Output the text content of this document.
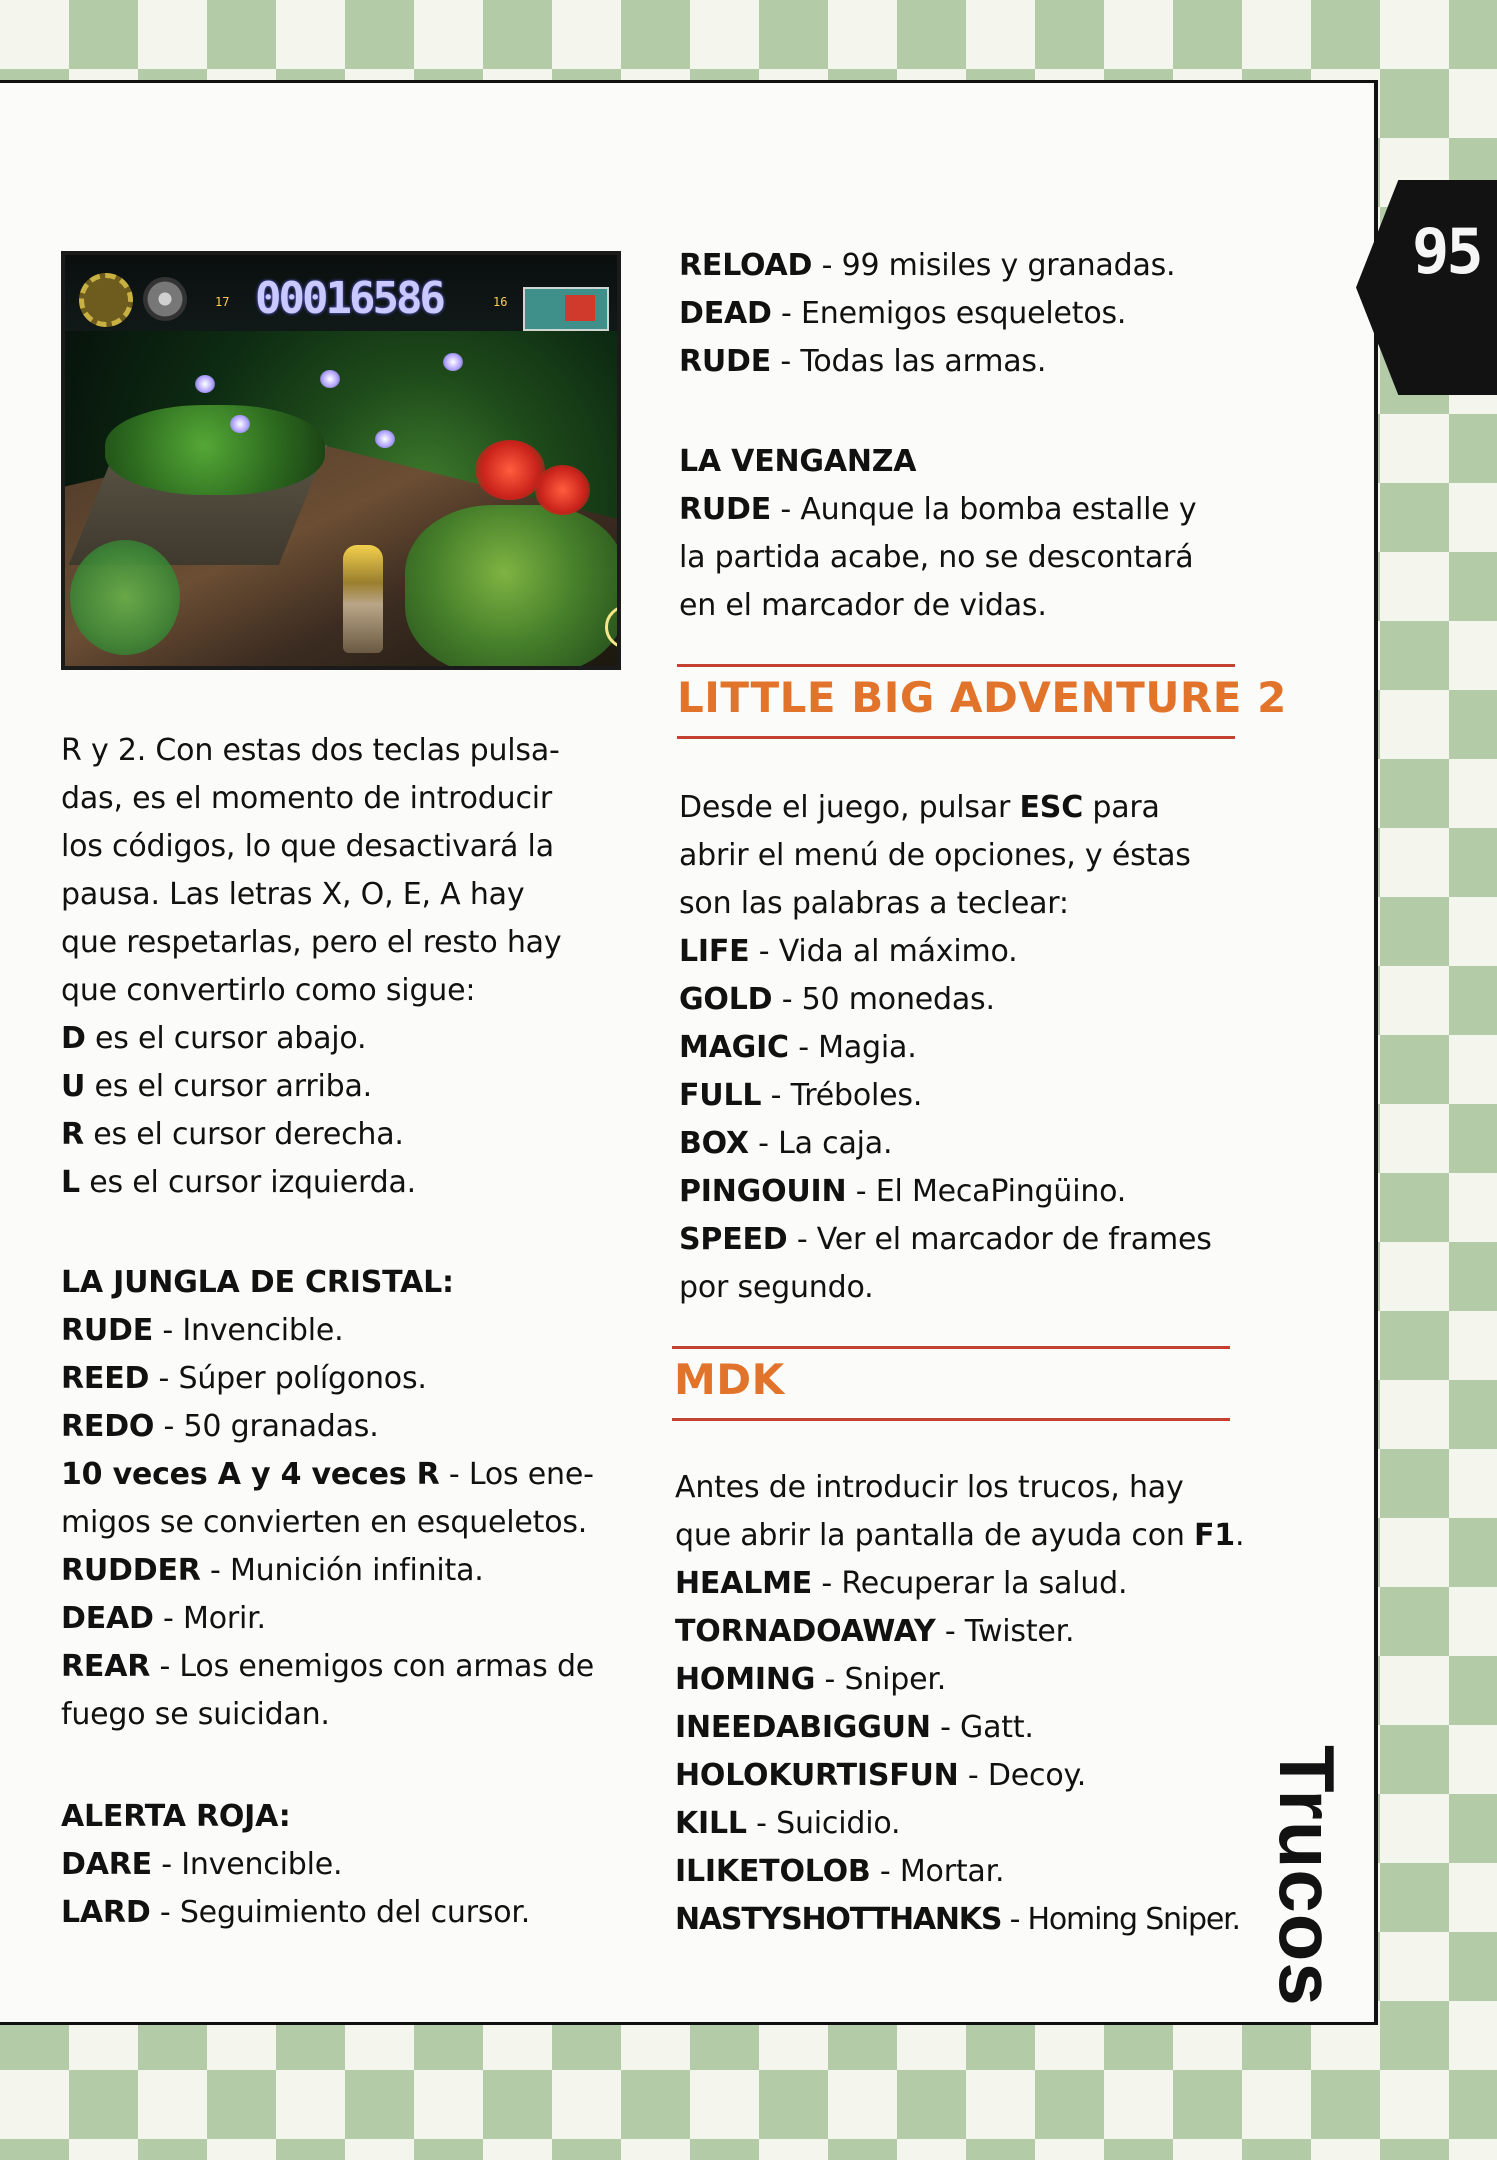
95
Trucos
17 00016586	16
R y 2. Con estas dos teclas pulsa-
das, es el momento de introducir
los códigos, lo que desactivará la
pausa. Las letras X, O, E, A hay
que respetarlas, pero el resto hay
que convertirlo como sigue:
D es el cursor abajo.
U es el cursor arriba.
R es el cursor derecha.
L es el cursor izquierda.
LA JUNGLA DE CRISTAL:
RUDE - Invencible.
REED - Súper polígonos.
REDO - 50 granadas.
10 veces A y 4 veces R - Los ene-
migos se convierten en esqueletos.
RUDDER - Munición infinita.
DEAD - Morir.
REAR - Los enemigos con armas de
fuego se suicidan.
ALERTA ROJA:
DARE - Invencible.
LARD - Seguimiento del cursor.
RELOAD - 99 misiles y granadas.
DEAD - Enemigos esqueletos.
RUDE - Todas las armas.
LA VENGANZA
RUDE - Aunque la bomba estalle y
la partida acabe, no se descontará
en el marcador de vidas.
LITTLE BIG ADVENTURE 2
Desde el juego, pulsar ESC para
abrir el menú de opciones, y éstas
son las palabras a teclear:
LIFE - Vida al máximo.
GOLD - 50 monedas.
MAGIC - Magia.
FULL - Tréboles.
BOX - La caja.
PINGOUIN - El MecaPingüino.
SPEED - Ver el marcador de frames
por segundo.
MDK
Antes de introducir los trucos, hay
que abrir la pantalla de ayuda con F1.
HEALME - Recuperar la salud.
TORNADOAWAY - Twister.
HOMING - Sniper.
INEEDABIGGUN - Gatt.
HOLOKURTISFUN - Decoy.
KILL - Suicidio.
ILIKETOLOB - Mortar.
NASTYSHOTTHANKS - Homing Sniper.
